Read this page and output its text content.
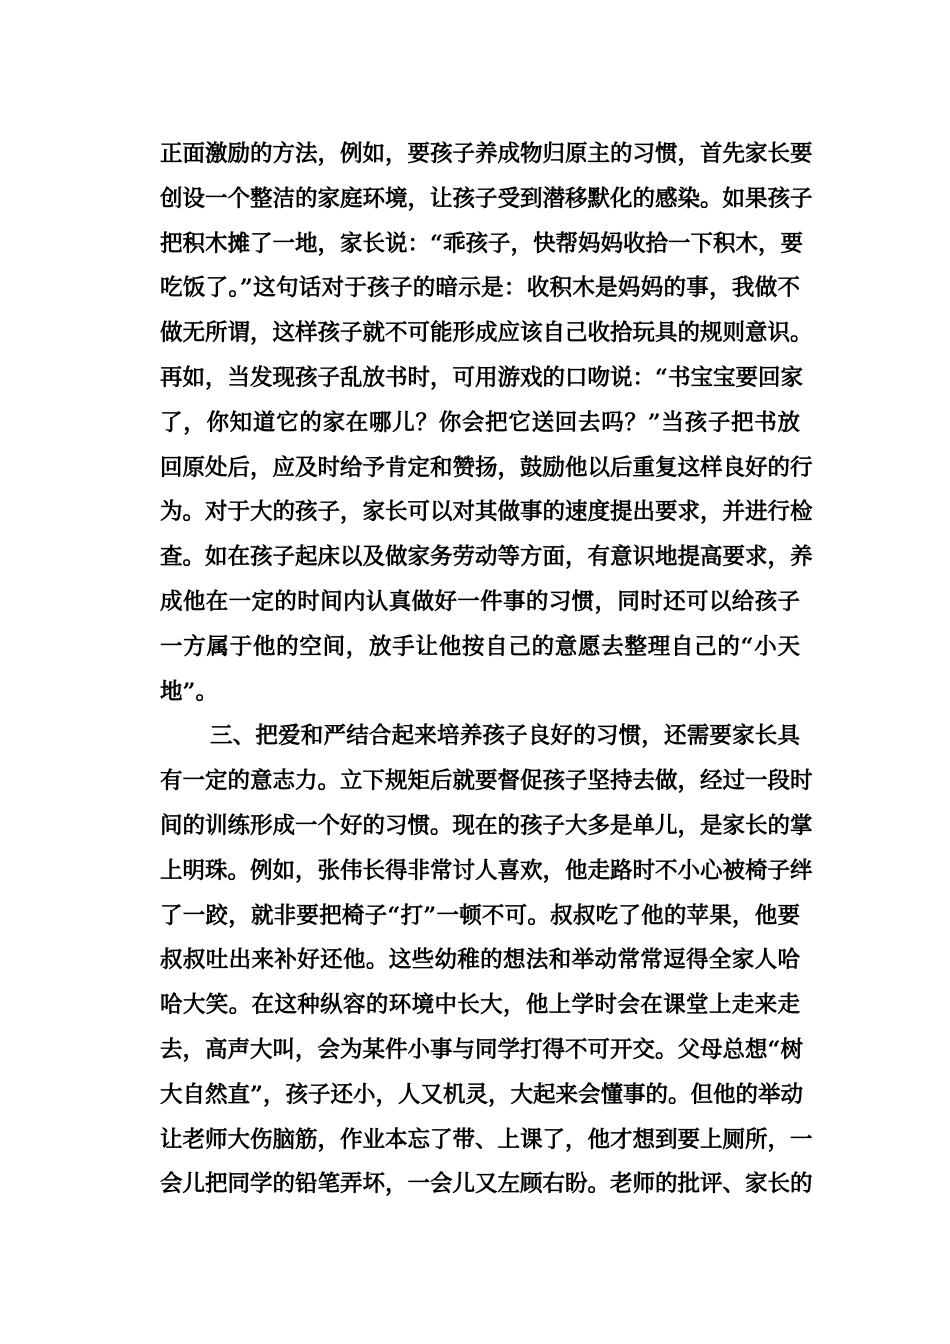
正面激励的方法，例如，要孩子养成物归原主的习惯，首先家长要
创设一个整洁的家庭环境，让孩子受到潜移默化的感染。如果孩子
把积木摊了一地，家长说：“乖孩子，快帮妈妈收拾一下积木，要
吃饭了。”这句话对于孩子的暗示是：收积木是妈妈的事，我做不
做无所谓，这样孩子就不可能形成应该自己收拾玩具的规则意识。
再如，当发现孩子乱放书时，可用游戏的口吻说：“书宝宝要回家
了，你知道它的家在哪儿？你会把它送回去吗？”当孩子把书放
回原处后，应及时给予肯定和赞扬，鼓励他以后重复这样良好的行
为。对于大的孩子，家长可以对其做事的速度提出要求，并进行检
查。如在孩子起床以及做家务劳动等方面，有意识地提高要求，养
成他在一定的时间内认真做好一件事的习惯，同时还可以给孩子
一方属于他的空间，放手让他按自己的意愿去整理自己的“小天
地”。
三、把爱和严结合起来培养孩子良好的习惯，还需要家长具
有一定的意志力。立下规矩后就要督促孩子坚持去做，经过一段时
间的训练形成一个好的习惯。现在的孩子大多是单儿，是家长的掌
上明珠。例如，张伟长得非常讨人喜欢，他走路时不小心被椅子绊
了一跤，就非要把椅子“打”一顿不可。叔叔吃了他的苹果，他要
叔叔吐出来补好还他。这些幼稚的想法和举动常常逗得全家人哈
哈大笑。在这种纵容的环境中长大，他上学时会在课堂上走来走
去，高声大叫，会为某件小事与同学打得不可开交。父母总想“树
大自然直”，孩子还小，人又机灵，大起来会懂事的。但他的举动
让老师大伤脑筋，作业本忘了带、上课了，他才想到要上厕所，一
会儿把同学的铅笔弄坏，一会儿又左顾右盼。老师的批评、家长的
